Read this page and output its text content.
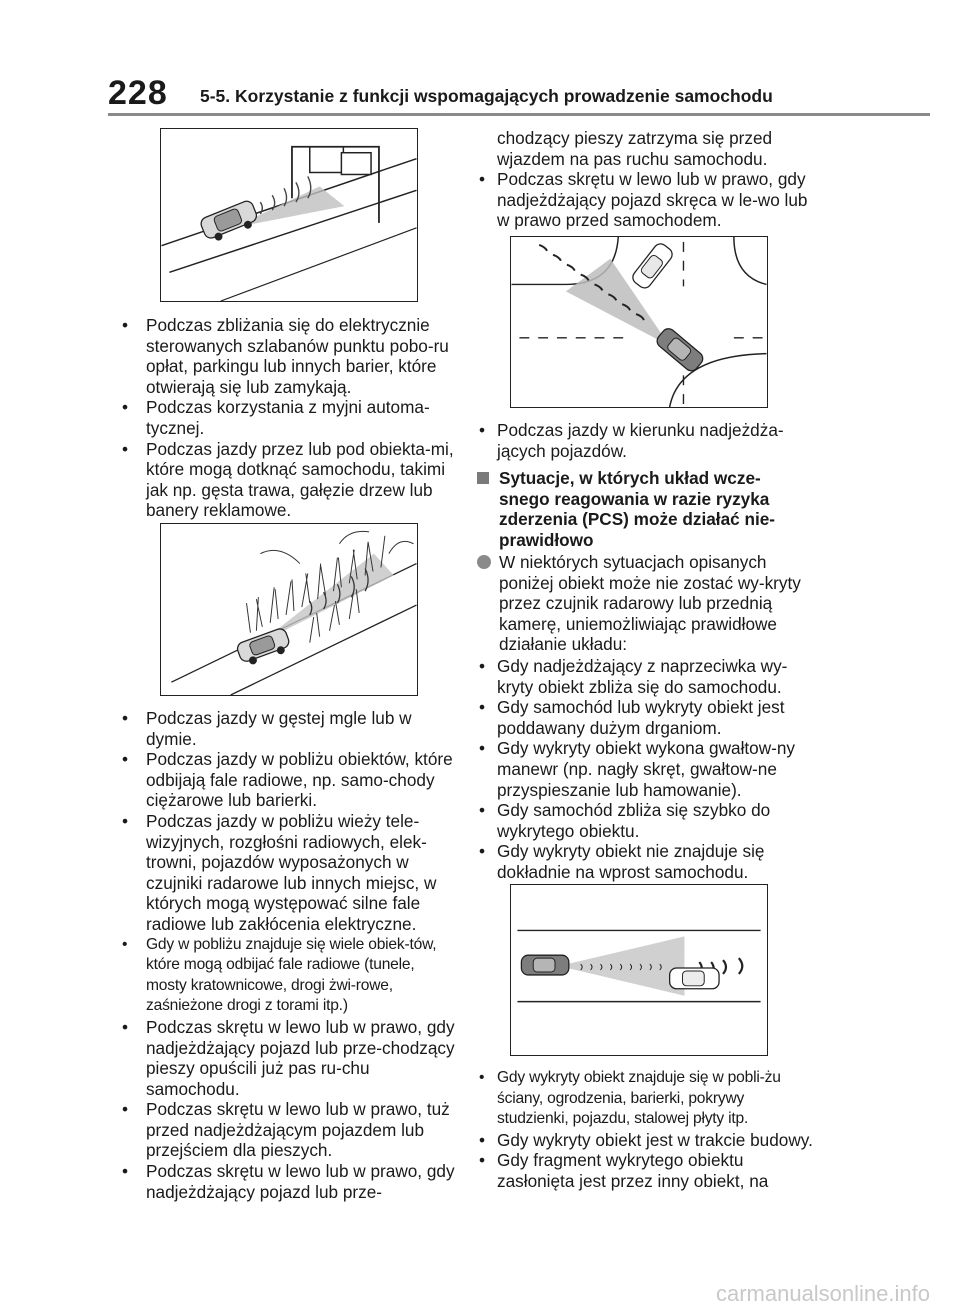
228 5-5. Korzystanie z funkcji wspomagających prowadzenie samochodu
• Podczas zbliżania się do elektrycznie sterowanych szlabanów punktu pobo-ru opłat, parkingu lub innych barier, które otwierają się lub zamykają.
• Podczas korzystania z myjni automa-tycznej.
• Podczas jazdy przez lub pod obiekta-mi, które mogą dotknąć samochodu, takimi jak np. gęsta trawa, gałęzie drzew lub banery reklamowe.
• Podczas jazdy w gęstej mgle lub w dymie.
• Podczas jazdy w pobliżu obiektów, które odbijają fale radiowe, np. samo-chody ciężarowe lub barierki.
• Podczas jazdy w pobliżu wieży tele-wizyjnych, rozgłośni radiowych, elek-trowni, pojazdów wyposażonych w czujniki radarowe lub innych miejsc, w których mogą występować silne fale radiowe lub zakłócenia elektryczne.
• Gdy w pobliżu znajduje się wiele obiek-tów, które mogą odbijać fale radiowe (tunele, mosty kratownicowe, drogi żwi-rowe, zaśnieżone drogi z torami itp.)
• Podczas skrętu w lewo lub w prawo, gdy nadjeżdżający pojazd lub prze-chodzący pieszy opuścili już pas ru-chu samochodu.
• Podczas skrętu w lewo lub w prawo, tuż przed nadjeżdżającym pojazdem lub przejściem dla pieszych.
• Podczas skrętu w lewo lub w prawo, gdy nadjeżdżający pojazd lub prze-
chodzący pieszy zatrzyma się przed wjazdem na pas ruchu samochodu.
• Podczas skrętu w lewo lub w prawo, gdy nadjeżdżający pojazd skręca w le-wo lub w prawo przed samochodem.
• Podczas jazdy w kierunku nadjeżdża-jących pojazdów.
Sytuacje, w których układ wcze-snego reagowania w razie ryzyka zderzenia (PCS) może działać nie-prawidłowo
W niektórych sytuacjach opisanych poniżej obiekt może nie zostać wy-kryty przez czujnik radarowy lub przednią kamerę, uniemożliwiając prawidłowe działanie układu:
• Gdy nadjeżdżający z naprzeciwka wy-kryty obiekt zbliża się do samochodu.
• Gdy samochód lub wykryty obiekt jest poddawany dużym drganiom.
• Gdy wykryty obiekt wykona gwałtow-ny manewr (np. nagły skręt, gwałtow-ne przyspieszanie lub hamowanie).
• Gdy samochód zbliża się szybko do wykrytego obiektu.
• Gdy wykryty obiekt nie znajduje się dokładnie na wprost samochodu.
• Gdy wykryty obiekt znajduje się w pobli-żu ściany, ogrodzenia, barierki, pokrywy studzienki, pojazdu, stalowej płyty itp.
• Gdy wykryty obiekt jest w trakcie budowy.
• Gdy fragment wykrytego obiektu zasłonięta jest przez inny obiekt, na
carmanualsonline.info
